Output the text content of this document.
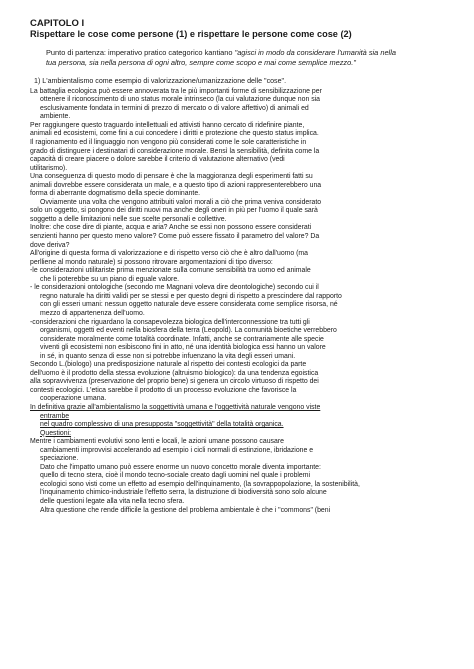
CAPITOLO I

Rispettare le cose come persone (1) e rispettare le persone come cose (2)

Punto di partenza: imperativo pratico categorico kantiano "agisci in modo da considerare l'umanità sia nella
tua persona, sia nella persona di ogni altro, sempre come scopo e mai come semplice mezzo."

1) L'ambientalismo come esempio di valorizzazione/umanizzazione delle "cose".

La battaglia ecologica può essere annoverata tra le più importanti forme di sensibilizzazione per

ottenere il riconoscimento di uno status morale intrinseco (la cui valutazione dunque non sia

esclusivamente fondata in termini di prezzo di mercato o di valore affettivo) di animali ed

ambiente.

Per raggiungere questo traguardo intellettuali ed attivisti hanno cercato di ridefinire piante,

animali ed ecosistemi, come fini a cui concedere i diritti e protezione che questo status implica.

Il ragionamento ed il linguaggio non vengono più considerati come le sole caratteristiche in

grado di distinguere i destinatari di considerazione morale. Bensì la sensibilità, definita come la

capacità di creare piacere o dolore sarebbe il criterio di valutazione alternativo (vedi

utilitarismo).

Una conseguenza di questo modo di pensare è che la maggioranza degli esperimenti fatti su

animali dovrebbe essere considerata un male, e a questo tipo di azioni rappresenterebbero una

forma di aberrante dogmatismo della specie dominante.

Ovviamente una volta che vengono attribuiti valori morali a ciò che prima veniva considerato

solo un oggetto, si pongono dei diritti nuovi ma anche degli oneri in più per l'uomo il quale sarà

soggetto a delle limitazioni nelle sue scelte personali e collettive.

Inoltre: che cose dire di piante, acqua e aria? Anche se essi non possono essere considerati

senzienti hanno per questo meno valore? Come può essere fissato il parametro del valore? Da

dove deriva?

All'origine di questa forma di valorizzazione e di rispetto verso ciò che è altro dall'uomo (ma

perlliene al mondo naturale) si possono ritrovare argomentazioni di tipo diverso:

-le considerazioni utilitariste prima menzionate sulla comune sensibilità tra uomo ed animale

che li poterebbe su un piano di eguale valore.

- le considerazioni ontologiche (secondo me Magnani voleva dire deontologiche) secondo cui il

regno naturale ha diritti validi per se stessi e per questo degni di rispetto a prescindere dal rapporto

con gli esseri umani: nessun oggetto naturale deve essere considerata come semplice risorsa, né

mezzo di appartenenza dell'uomo.

-considerazioni che riguardano la consapevolezza biologica dell'interconnessione tra tutti gli

organismi, oggetti ed eventi nella biosfera della terra (Leopold). La comunità bioetiche verrebbero

considerate moralmente come totalità coordinate. Infatti, anche se contrariamente alle specie

viventi gli ecosistemi non esibiscono fini in atto, né una identità biologica essi hanno un valore

in sé, in quanto senza di esse non si potrebbe infuenzano la vita degli esseri umani.

Secondo L.(biologo) una predisposizione naturale al rispetto dei contesti ecologici da parte

dell'uomo è il prodotto della stessa evoluzione (altruismo biologico): da una tendenza egoistica

alla sopravvivenza (preservazione del proprio bene) si genera un circolo virtuoso di rispetto dei

contesti ecologici. L'etica sarebbe il prodotto di un processo evoluzione che favorisce la

cooperazione umana.

In definitiva grazie all'ambientalismo la soggettività umana e l'oggettività naturale vengono viste

entrambe

nel quadro complessivo di una presupposta "soggettività" della totalità organica.

Questioni:

Mentre i cambiamenti evolutivi sono lenti e locali, le azioni umane possono causare

cambiamenti improvvisi accelerando ad esempio i cicli normali di estinzione, ibridazione e

speciazione.

Dato che l'impatto umano può essere enorme un nuovo concetto morale diventa importante:

quello di tecno stera, cioè il mondo tecno-sociale creato dagli uomini nel quale i problemi

ecologici sono visti come un effetto ad esempio dell'inquinamento, (la sovrappopolazione, la sostenibilità,

l'inquinamento chimico-industriale l'effetto serra, la distruzione di biodiversità sono solo alcune

delle questioni legate alla vita nella tecno sfera.

Altra questione che rende difficile la gestione del problema ambientale è che i "commons" (beni
